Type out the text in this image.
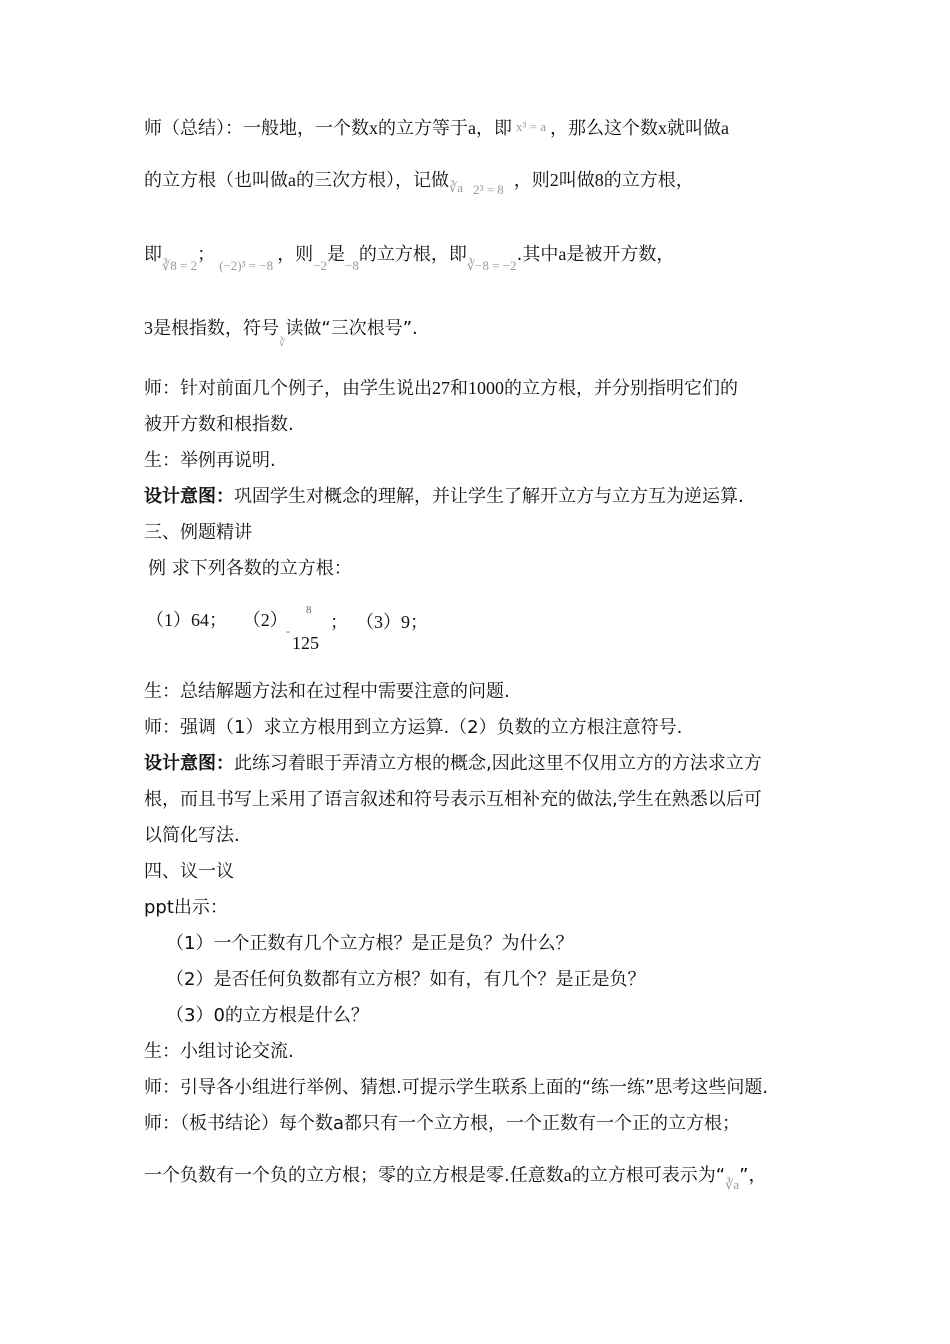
师（总结）：一般地，一个数x的立方等于a，即 x³ = a ，那么这个数x就叫做a
的立方根（也叫做a的三次方根），记做∛a 2³ = 8 ，则2叫做8的立方根，
即∛8 = 2；(−2)³ = −8，则−2是−8的立方根，即∛−8 = −2.其中a是被开方数，
3是根指数，符号∛读做“三次根号”.
师：针对前面几个例子，由学生说出27和1000的立方根，并分别指明它们的
被开方数和根指数.
生：举例再说明.
设计意图：巩固学生对概念的理解，并让学生了解开立方与立方互为逆运算.
三、例题精讲
例 求下列各数的立方根：
（1）64； （2）
-
8
125
； （3）9；
生：总结解题方法和在过程中需要注意的问题.
师：强调（1）求立方根用到立方运算.（2）负数的立方根注意符号.
设计意图：此练习着眼于弄清立方根的概念,因此这里不仅用立方的方法求立方
根，而且书写上采用了语言叙述和符号表示互相补充的做法,学生在熟悉以后可
以简化写法.
四、议一议
ppt出示：
（1）一个正数有几个立方根？是正是负？为什么？
（2）是否任何负数都有立方根？如有，有几个？是正是负？
（3）0的立方根是什么？
生：小组讨论交流.
师：引导各小组进行举例、猜想.可提示学生联系上面的“练一练”思考这些问题.
师：（板书结论）每个数a都只有一个立方根，一个正数有一个正的立方根；
一个负数有一个负的立方根；零的立方根是零.任意数a的立方根可表示为“∛a”，
